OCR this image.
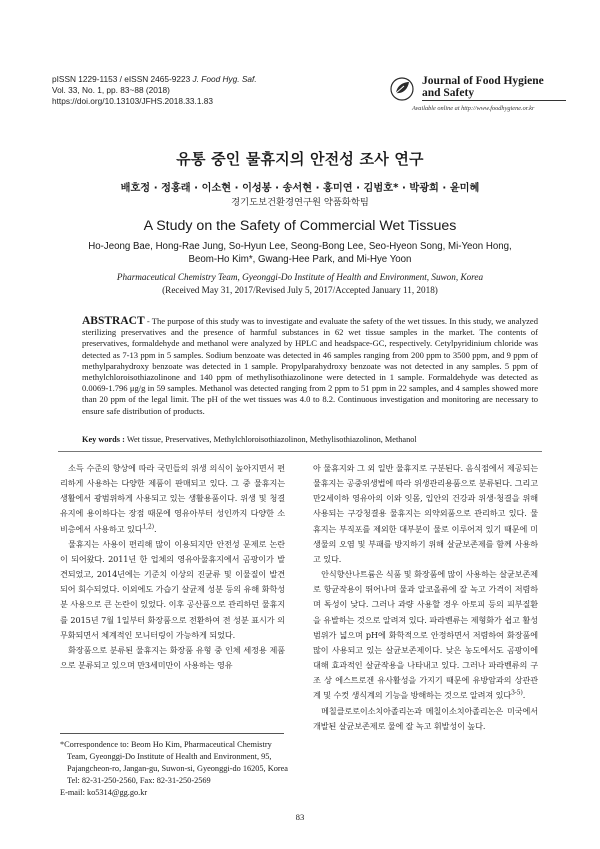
pISSN 1229-1153 / eISSN 2465-9223 J. Food Hyg. Saf.
Vol. 33, No. 1, pp. 83~88 (2018)
https://doi.org/10.13103/JFHS.2018.33.1.83
Journal of Food Hygiene
and Safety
Available online at http://www.foodhygiene.or.kr
유통 중인 물휴지의 안전성 조사 연구
배호정 · 정홍래 · 이소현 · 이성봉 · 송서현 · 홍미연 · 김범호* · 박광희 · 윤미혜
경기도보건환경연구원 약품화학팀
A Study on the Safety of Commercial Wet Tissues
Ho-Jeong Bae, Hong-Rae Jung, So-Hyun Lee, Seong-Bong Lee, Seo-Hyeon Song, Mi-Yeon Hong,
Beom-Ho Kim*, Gwang-Hee Park, and Mi-Hye Yoon
Pharmaceutical Chemistry Team, Gyeonggi-Do Institute of Health and Environment, Suwon, Korea
(Received May 31, 2017/Revised July 5, 2017/Accepted January 11, 2018)
ABSTRACT - The purpose of this study was to investigate and evaluate the safety of the wet tissues. In this study, we analyzed sterilizing preservatives and the presence of harmful substances in 62 wet tissue samples in the market. The contents of preservatives, formaldehyde and methanol were analyzed by HPLC and headspace-GC, respectively. Cetylpyridinium chloride was detected as 7-13 ppm in 5 samples. Sodium benzoate was detected in 46 samples ranging from 200 ppm to 3500 ppm, and 9 ppm of methylparahydroxy benzoate was detected in 1 sample. Propylparahydroxy benzoate was not detected in any samples. 5 ppm of methylchloroisothiazolinone and 140 ppm of methylisothiazolinone were detected in 1 sample. Formaldehyde was detected as 0.0069-1.796 μg/g in 59 samples. Methanol was detected ranging from 2 ppm to 51 ppm in 22 samples, and 4 samples showed more than 20 ppm of the legal limit. The pH of the wet tissues was 4.0 to 8.2. Continuous investigation and monitoring are necessary to ensure safe distribution of products.
Key words : Wet tissue, Preservatives, Methylchloroisothiazolinon, Methylisothiazolinon, Methanol

소득 수준의 향상에 따라 국민들의 위생 의식이 높아지면서 편리하게 사용하는 다양한 제품이 판매되고 있다. 그 중 물휴지는 생활에서 광범위하게 사용되고 있는 생활용품이다. 위생 및 청결유지에 용이하다는 장점 때문에 영유아부터 성인까지 다양한 소비층에서 사용하고 있다$^{1,2)}$.

물휴지는 사용이 편리해 많이 이용되지만 안전성 문제로 논란이 되어왔다. 2011년 한 업체의 영유아물휴지에서 곰팡이가 발견되었고, 2014년에는 기준치 이상의 진균류 및 이물질이 발견되어 회수되었다. 이외에도 가습기 살균제 성분 등의 유해 화학성분 사용으로 큰 논란이 있었다. 이후 공산품으로 관리하던 물휴지를 2015년 7월 1일부터 화장품으로 전환하여 전 성분 표시가 의무화되면서 체계적인 모니터링이 가능하게 되었다.

화장품으로 분류된 물휴지는 화장품 유형 중 인체 세정용 제품으로 분류되고 있으며 만3세미만이 사용하는 영유

아 물휴지와 그 외 일반 물휴지로 구분된다. 음식점에서 제공되는 물휴지는 공중위생법에 따라 위생관리용품으로 분류된다. 그리고 만2세이하 영유아의 이와 잇몸, 입안의 건강과 위생·청결을 위해 사용되는 구강청결용 물휴지는 의약외품으로 관리하고 있다. 물휴지는 부직포를 제외한 대부분이 물로 이루어져 있기 때문에 미생물의 오염 및 부패를 방지하기 위해 살균보존제를 함께 사용하고 있다.

안식향산나트륨은 식품 및 화장품에 많이 사용하는 살균보존제로 항균작용이 뛰어나며 물과 알코올류에 잘 녹고 가격이 저렴하며 독성이 낮다. 그러나 과량 사용할 경우 아토피 등의 피부질환을 유발하는 것으로 알려져 있다. 파라벤류는 제형화가 쉽고 활성 범위가 넓으며 pH에 화학적으로 안정하면서 저렴하여 화장품에 많이 사용되고 있는 살균보존제이다. 낮은 농도에서도 곰팡이에 대해 효과적인 살균작용을 나타내고 있다. 그러나 파라벤류의 구조 상 에스트로겐 유사활성을 가지기 때문에 유방암과의 상관관계 및 수컷 생식계의 기능을 방해하는 것으로 알려져 있다$^{3-5)}$.

메칠클로로이소치아졸리논과 메칠이소치아졸리논은 미국에서 개발된 살균보존제로 물에 잘 녹고 휘발성이 높다.

*Correspondence to: Beom Ho Kim, Pharmaceutical Chemistry
Team, Gyeonggi-Do Institute of Health and Environment, 95,
Pajangcheon-ro, Jangan-gu, Suwon-si, Gyeonggi-do 16205, Korea
Tel: 82-31-250-2560, Fax: 82-31-250-2569
E-mail: ko5314@gg.go.kr
83
